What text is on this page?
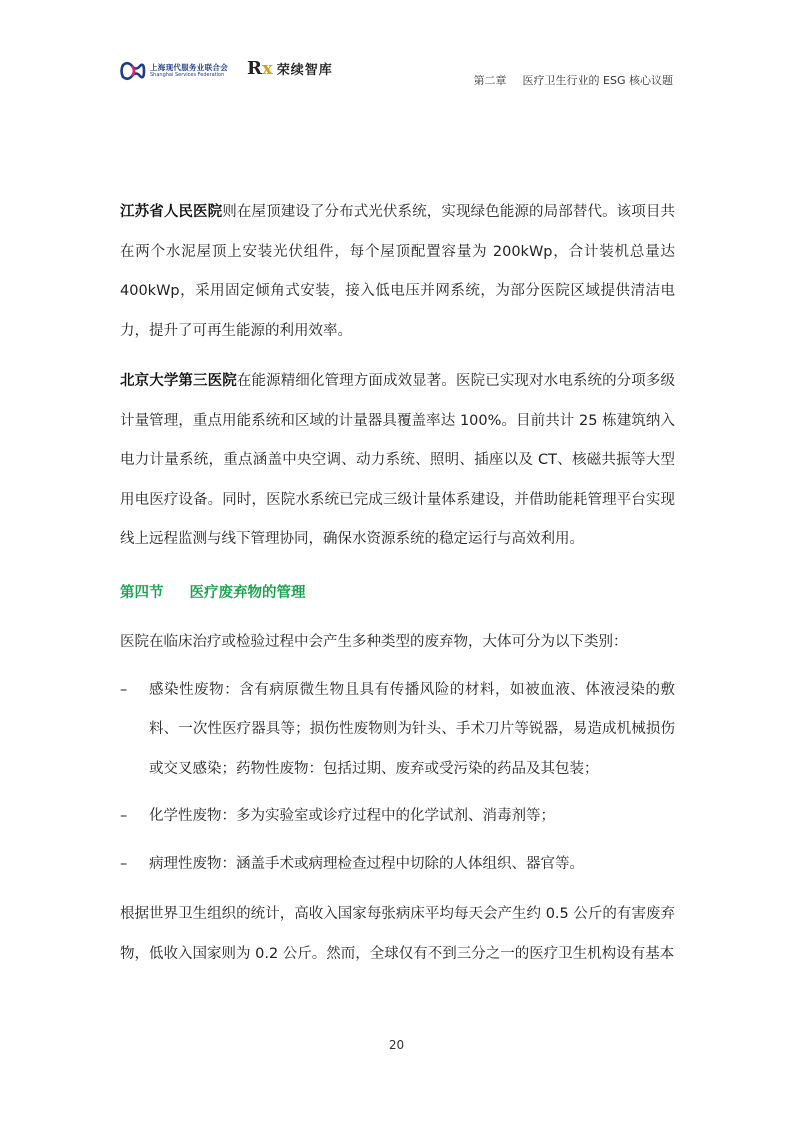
上海现代服务业联合会
Shanghai Services Federation Rx 荣续智库
第二章 医疗卫生行业的 ESG 核心议题

江苏省人民医院则在屋顶建设了分布式光伏系统，实现绿色能源的局部替代。该项目共在两个水泥屋顶上安装光伏组件，每个屋顶配置容量为 200kWp，合计装机总量达 400kWp，采用固定倾角式安装，接入低电压并网系统，为部分医院区域提供清洁电力，提升了可再生能源的利用效率。

北京大学第三医院在能源精细化管理方面成效显著。医院已实现对水电系统的分项多级计量管理，重点用能系统和区域的计量器具覆盖率达 100%。目前共计 25 栋建筑纳入电力计量系统，重点涵盖中央空调、动力系统、照明、插座以及 CT、核磁共振等大型用电医疗设备。同时，医院水系统已完成三级计量体系建设，并借助能耗管理平台实现线上远程监测与线下管理协同，确保水资源系统的稳定运行与高效利用。

第四节 医疗废弃物的管理

医院在临床治疗或检验过程中会产生多种类型的废弃物，大体可分为以下类别：

–	感染性废物：含有病原微生物且具有传播风险的材料，如被血液、体液浸染的敷料、一次性医疗器具等；损伤性废物则为针头、手术刀片等锐器，易造成机械损伤或交叉感染；药物性废物：包括过期、废弃或受污染的药品及其包装；
–	化学性废物：多为实验室或诊疗过程中的化学试剂、消毒剂等；
–	病理性废物：涵盖手术或病理检查过程中切除的人体组织、器官等。

根据世界卫生组织的统计，高收入国家每张病床平均每天会产生约 0.5 公斤的有害废弃物，低收入国家则为 0.2 公斤。然而，全球仅有不到三分之一的医疗卫生机构设有基本

20
